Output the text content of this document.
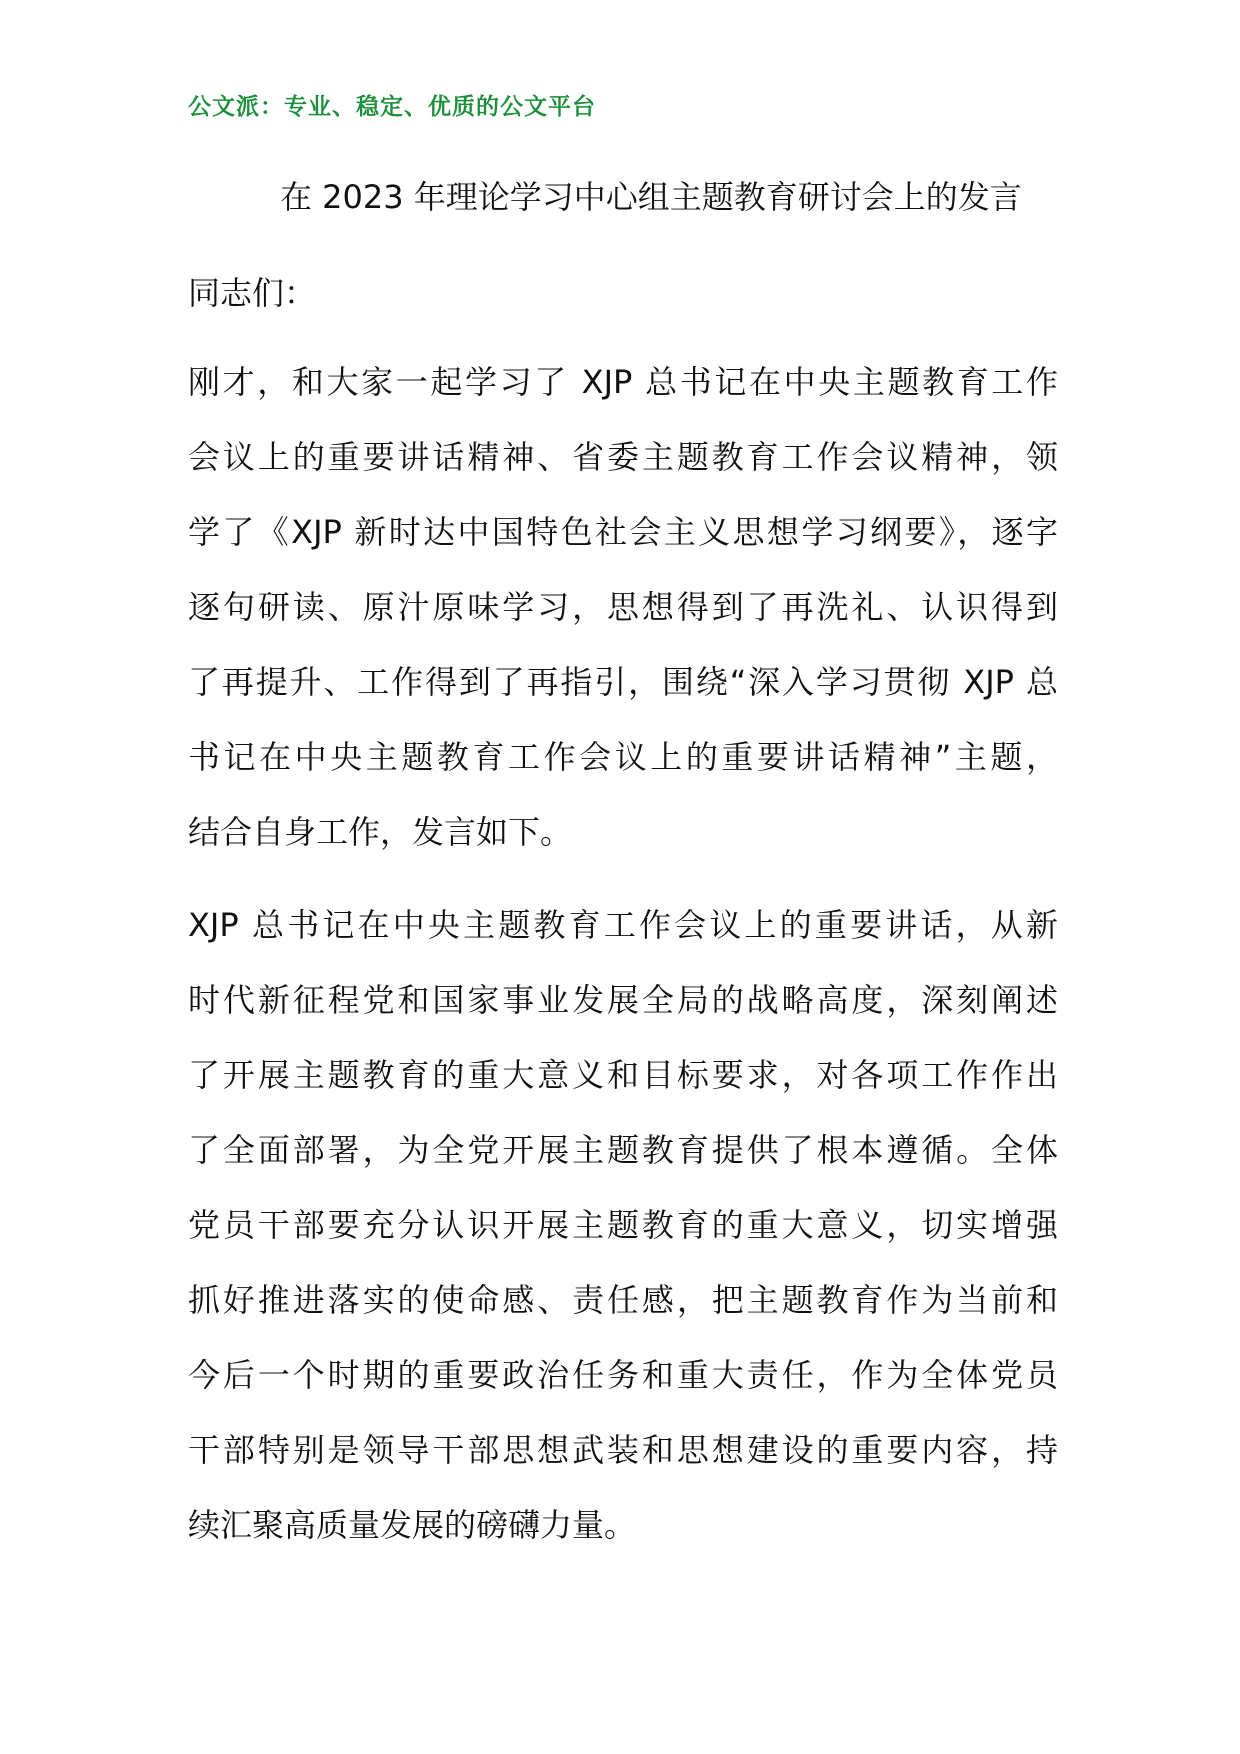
公文派：专业、稳定、优质的公文平台
在 2023 年理论学习中心组主题教育研讨会上的发言
同志们：
刚才，和大家一起学习了 XJP 总书记在中央主题教育工作
会议上的重要讲话精神、省委主题教育工作会议精神，领
学了《XJP 新时达中国特色社会主义思想学习纲要》，逐字
逐句研读、原汁原味学习，思想得到了再洗礼、认识得到
了再提升、工作得到了再指引，围绕“深入学习贯彻 XJP 总
书记在中央主题教育工作会议上的重要讲话精神”主题，
结合自身工作，发言如下。
XJP 总书记在中央主题教育工作会议上的重要讲话，从新
时代新征程党和国家事业发展全局的战略高度，深刻阐述
了开展主题教育的重大意义和目标要求，对各项工作作出
了全面部署，为全党开展主题教育提供了根本遵循。全体
党员干部要充分认识开展主题教育的重大意义，切实增强
抓好推进落实的使命感、责任感，把主题教育作为当前和
今后一个时期的重要政治任务和重大责任，作为全体党员
干部特别是领导干部思想武装和思想建设的重要内容，持
续汇聚高质量发展的磅礴力量。
